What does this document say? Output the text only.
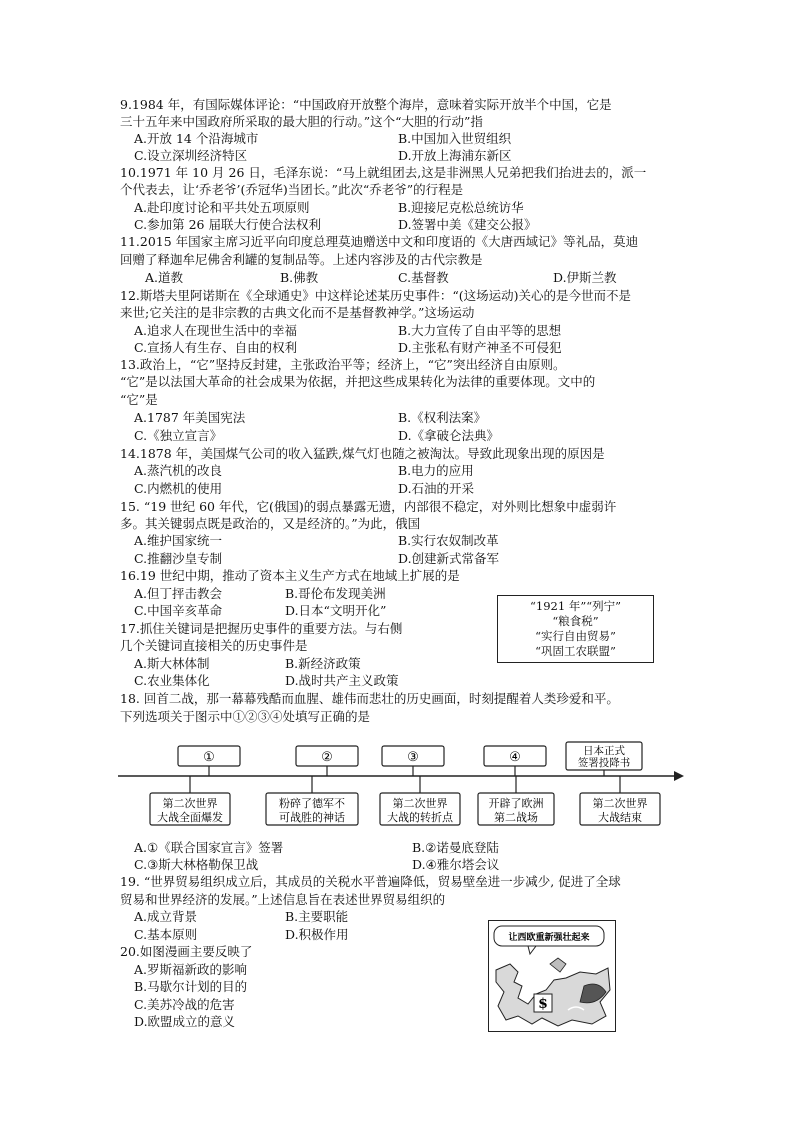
9.1984 年，有国际媒体评论：“中国政府开放整个海岸，意味着实际开放半个中国，它是
三十五年来中国政府所采取的最大胆的行动。”这个“大胆的行动”指
A.开放 14 个沿海城市	B.中国加入世贸组织
C.设立深圳经济特区	D.开放上海浦东新区
10.1971 年 10 月 26 日，毛泽东说：“马上就组团去,这是非洲黑人兄弟把我们抬进去的，派一
个代表去，让‘乔老爷’(乔冠华)当团长。”此次“乔老爷”的行程是
A.赴印度讨论和平共处五项原则	B.迎接尼克松总统访华
C.参加第 26 届联大行使合法权利	D.签署中美《建交公报》
11.2015 年国家主席习近平向印度总理莫迪赠送中文和印度语的《大唐西域记》等礼品，莫迪
回赠了释迦牟尼佛舍利罐的复制品等。上述内容涉及的古代宗教是
A.道教	B.佛教	C.基督教	D.伊斯兰教
12.斯塔夫里阿诺斯在《全球通史》中这样论述某历史事件：“(这场运动)关心的是今世而不是
来世;它关注的是非宗教的古典文化而不是基督教神学。”这场运动
A.追求人在现世生活中的幸福	B.大力宣传了自由平等的思想
C.宣扬人有生存、自由的权利	D.主张私有财产神圣不可侵犯
13.政治上，“它”坚持反封建，主张政治平等；经济上，“它”突出经济自由原则。
“它”是以法国大革命的社会成果为依据，并把这些成果转化为法律的重要体现。文中的
“它”是
A.1787 年美国宪法	B.《权利法案》
C.《独立宣言》	D.《拿破仑法典》
14.1878 年，美国煤气公司的收入猛跌,煤气灯也随之被淘汰。导致此现象出现的原因是
A.蒸汽机的改良	B.电力的应用
C.内燃机的使用	D.石油的开采
15. “19 世纪 60 年代，它(俄国)的弱点暴露无遗，内部很不稳定，对外则比想象中虚弱许
多。其关键弱点既是政治的，又是经济的。”为此，俄国
A.维护国家统一	B.实行农奴制改革
C.推翻沙皇专制	D.创建新式常备军
16.19 世纪中期，推动了资本主义生产方式在地域上扩展的是
A.但丁抨击教会	B.哥伦布发现美洲
C.中国辛亥革命	D.日本“文明开化”	“1921 年”“列宁”
“粮食税”
“实行自由贸易”
“巩固工农联盟”
17.抓住关键词是把握历史事件的重要方法。与右侧
几个关键词直接相关的历史事件是
A.斯大林体制	B.新经济政策
C.农业集体化	D.战时共产主义政策
18. 回首二战，那一幕幕残酷而血腥、雄伟而悲壮的历史画面，时刻提醒着人类珍爱和平。
下列选项关于图示中①②③④处填写正确的是
①	②	③	④	日本正式
签署投降书
第二次世界
大战全面爆发
粉碎了德军不
可战胜的神话
第二次世界
大战的转折点
开辟了欧洲
第二战场
第二次世界
大战结束
A.①《联合国家宣言》签署	B.②诺曼底登陆
C.③斯大林格勒保卫战	D.④雅尔塔会议
19. “世界贸易组织成立后，其成员的关税水平普遍降低，贸易壁垒进一步减少, 促进了全球
贸易和世界经济的发展。”上述信息旨在表述世界贸易组织的
A.成立背景	B.主要职能
C.基本原则	D.积极作用
20.如图漫画主要反映了
A.罗斯福新政的影响
B.马歇尔计划的目的
C.美苏冷战的危害
D.欧盟成立的意义
让西欧重新强壮起来
$
